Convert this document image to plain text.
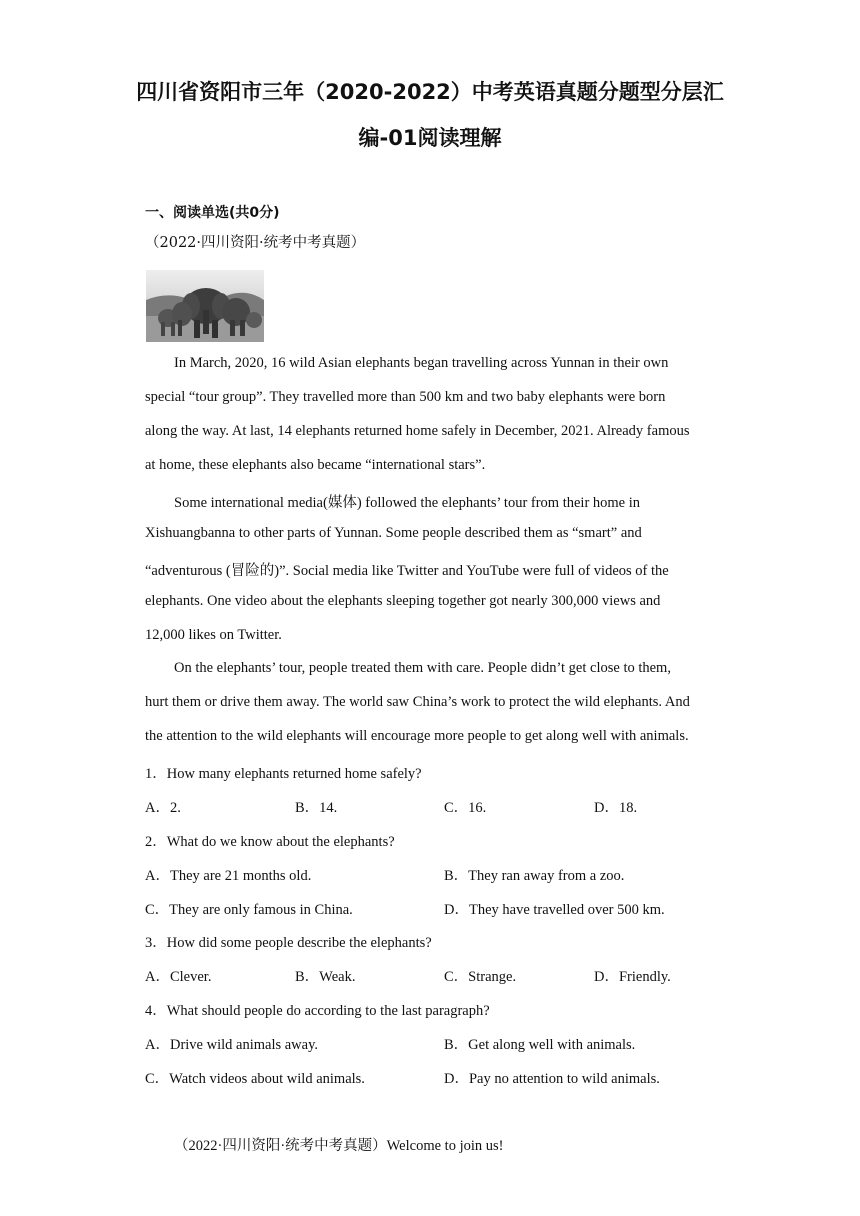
四川省资阳市三年（2020-2022）中考英语真题分题型分层汇
编-01阅读理解
一、阅读单选(共0分)
（2022·四川资阳·统考中考真题）
In March, 2020, 16 wild Asian elephants began travelling across Yunnan in their own
special “tour group”. They travelled more than 500 km and two baby elephants were born
along the way. At last, 14 elephants returned home safely in December, 2021. Already famous
at home, these elephants also became “international stars”.
Some international media(媒体) followed the elephants’ tour from their home in
Xishuangbanna to other parts of Yunnan. Some people described them as “smart” and
“adventurous (冒险的)”. Social media like Twitter and YouTube were full of videos of the
elephants. One video about the elephants sleeping together got nearly 300,000 views and
12,000 likes on Twitter.
On the elephants’ tour, people treated them with care. People didn’t get close to them,
hurt them or drive them away. The world saw China’s work to protect the wild elephants. And
the attention to the wild elephants will encourage more people to get along well with animals.
1．How many elephants returned home safely?
A．2.	B．14.	C．16.	D．18.
2．What do we know about the elephants?
A．They are 21 months old.	B．They ran away from a zoo.
C．They are only famous in China.	D．They have travelled over 500 km.
3．How did some people describe the elephants?
A．Clever.	B．Weak.	C．Strange.	D．Friendly.
4．What should people do according to the last paragraph?
A．Drive wild animals away.	B．Get along well with animals.
C．Watch videos about wild animals.	D．Pay no attention to wild animals.
（2022·四川资阳·统考中考真题）Welcome to join us!
